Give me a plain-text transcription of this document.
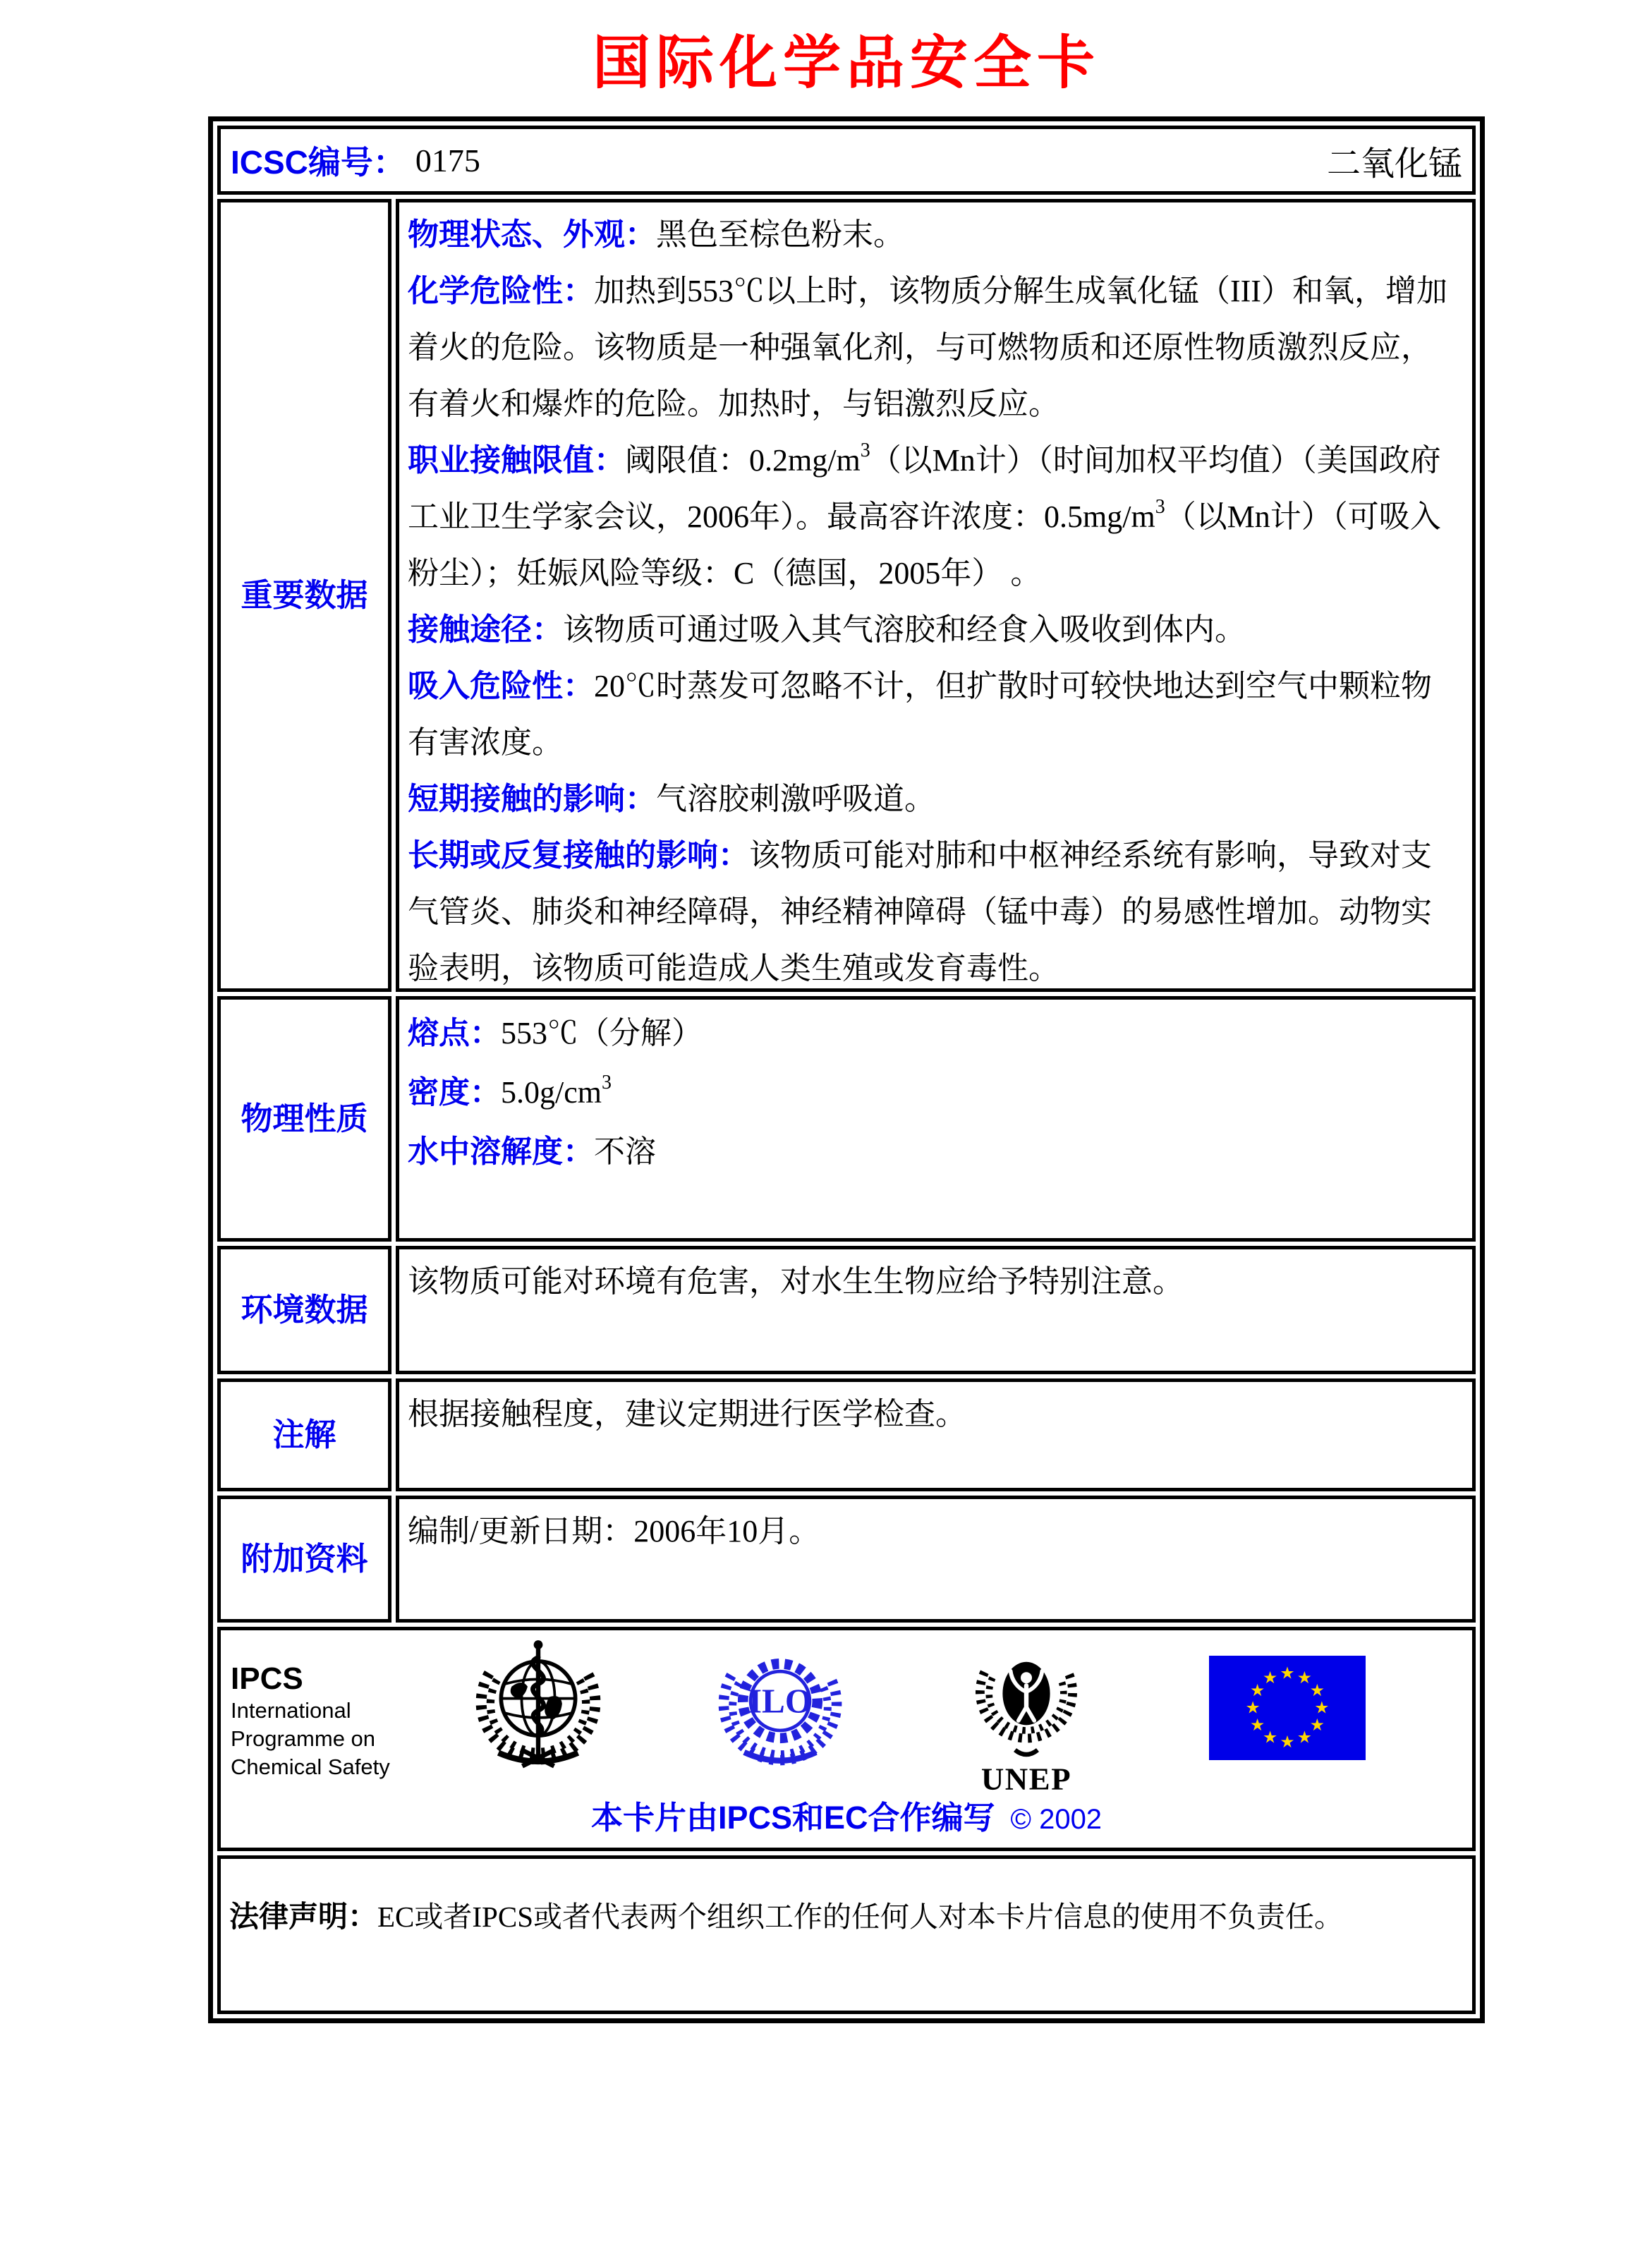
国际化学品安全卡
ICSC编号： 0175	二氧化锰
重要数据

物理状态、外观：黑色至棕色粉末。

化学危险性：加热到553℃以上时，该物质分解生成氧化锰（III）和氧，增加着火的危险。该物质是一种强氧化剂，与可燃物质和还原性物质激烈反应，有着火和爆炸的危险。加热时，与铝激烈反应。

职业接触限值：阈限值：$0.2mg/m^3$（以Mn计）（时间加权平均值）（美国政府工业卫生学家会议，2006年）。最高容许浓度：$0.5mg/m^3$（以Mn计）（可吸入粉尘）；妊娠风险等级：C（德国，2005年） 。

接触途径：该物质可通过吸入其气溶胶和经食入吸收到体内。

吸入危险性：20℃时蒸发可忽略不计，但扩散时可较快地达到空气中颗粒物有害浓度。

短期接触的影响：气溶胶刺激呼吸道。

长期或反复接触的影响：该物质可能对肺和中枢神经系统有影响，导致对支气管炎、肺炎和神经障碍，神经精神障碍（锰中毒）的易感性增加。动物实验表明，该物质可能造成人类生殖或发育毒性。

物理性质

熔点：553℃（分解）

密度：$5.0g/cm^3$

水中溶解度：不溶

环境数据

该物质可能对环境有危害，对水生生物应给予特别注意。

注解

根据接触程度，建议定期进行医学检查。

附加资料

编制/更新日期：2006年10月。

IPCS
International
Programme on
Chemical Safety
ILO
UNEP
★ ★
★
★
★
★
★
★
★
★
★
★
本卡片由IPCS和EC合作编写 © 2002

法律声明：EC或者IPCS或者代表两个组织工作的任何人对本卡片信息的使用不负责任。
